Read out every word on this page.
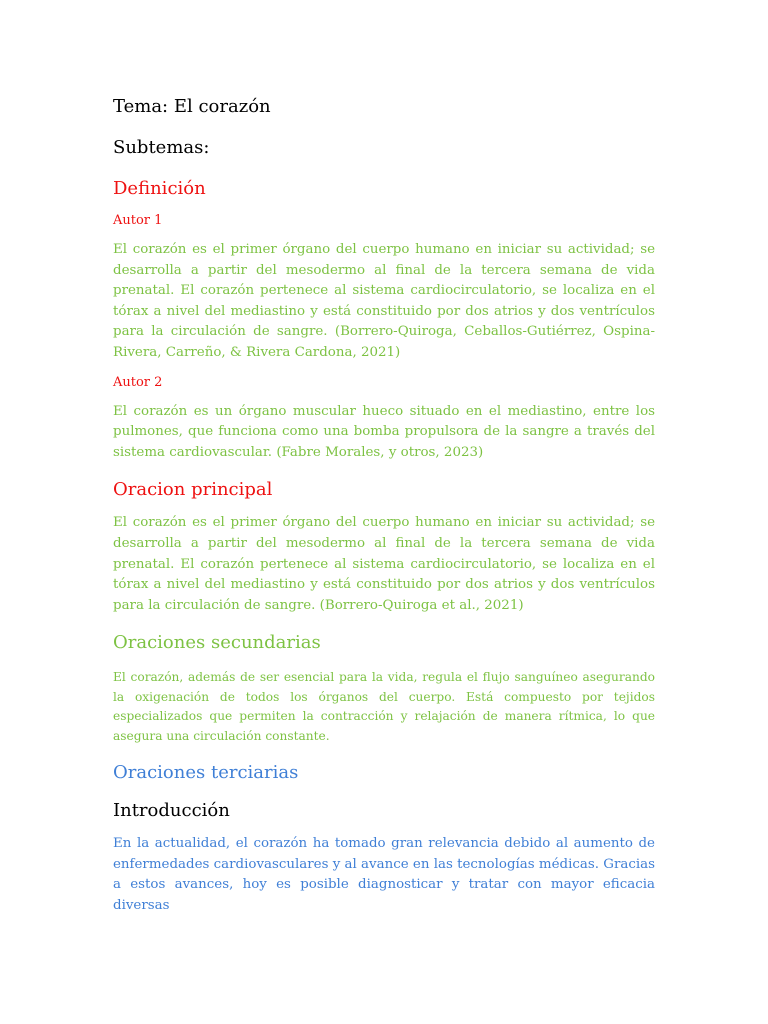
Tema: El corazón
Subtemas:
Definición
Autor 1

El corazón es el primer órgano del cuerpo humano en iniciar su actividad; se desarrolla a partir del mesodermo al final de la tercera semana de vida prenatal. El corazón pertenece al sistema cardiocirculatorio, se localiza en el tórax a nivel del mediastino y está constituido por dos atrios y dos ventrículos para la circulación de sangre. (Borrero-Quiroga, Ceballos-Gutiérrez, Ospina-Rivera, Carreño, & Rivera Cardona, 2021)

Autor 2

El corazón es un órgano muscular hueco situado en el mediastino, entre los pulmones, que funciona como una bomba propulsora de la sangre a través del sistema cardiovascular. (Fabre Morales, y otros, 2023)

Oracion principal

El corazón es el primer órgano del cuerpo humano en iniciar su actividad; se desarrolla a partir del mesodermo al final de la tercera semana de vida prenatal. El corazón pertenece al sistema cardiocirculatorio, se localiza en el tórax a nivel del mediastino y está constituido por dos atrios y dos ventrículos para la circulación de sangre. (Borrero-Quiroga et al., 2021)

Oraciones secundarias

El corazón, además de ser esencial para la vida, regula el flujo sanguíneo asegurando la oxigenación de todos los órganos del cuerpo. Está compuesto por tejidos especializados que permiten la contracción y relajación de manera rítmica, lo que asegura una circulación constante.

Oraciones terciarias
Introducción

En la actualidad, el corazón ha tomado gran relevancia debido al aumento de enfermedades cardiovasculares y al avance en las tecnologías médicas. Gracias a estos avances, hoy es posible diagnosticar y tratar con mayor eficacia diversas
